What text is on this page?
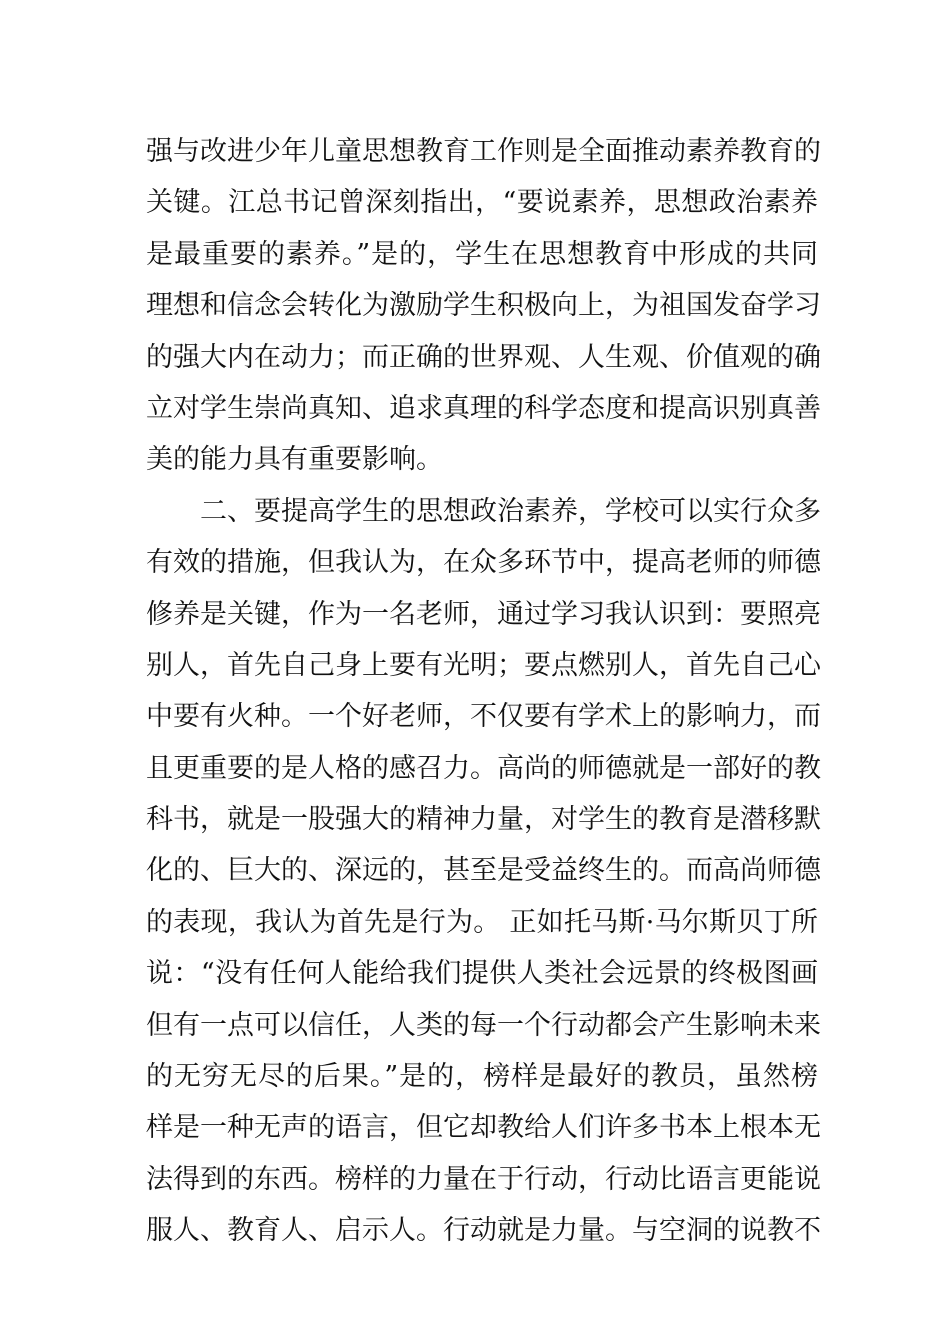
强与改进少年儿童思想教育工作则是全面推动素养教育的
关键。江总书记曾深刻指出，“要说素养，思想政治素养
是最重要的素养。”是的，学生在思想教育中形成的共同
理想和信念会转化为激励学生积极向上，为祖国发奋学习
的强大内在动力；而正确的世界观、人生观、价值观的确
立对学生崇尚真知、追求真理的科学态度和提高识别真善
美的能力具有重要影响。
二、要提高学生的思想政治素养，学校可以实行众多
有效的措施，但我认为，在众多环节中，提高老师的师德
修养是关键，作为一名老师，通过学习我认识到：要照亮
别人，首先自己身上要有光明；要点燃别人，首先自己心
中要有火种。一个好老师，不仅要有学术上的影响力，而
且更重要的是人格的感召力。高尚的师德就是一部好的教
科书，就是一股强大的精神力量，对学生的教育是潜移默
化的、巨大的、深远的，甚至是受益终生的。而高尚师德
的表现，我认为首先是行为。 正如托马斯·马尔斯贝丁所
说：“没有任何人能给我们提供人类社会远景的终极图画
但有一点可以信任，人类的每一个行动都会产生影响未来
的无穷无尽的后果。”是的，榜样是最好的教员，虽然榜
样是一种无声的语言，但它却教给人们许多书本上根本无
法得到的东西。榜样的力量在于行动，行动比语言更能说
服人、教育人、启示人。行动就是力量。与空洞的说教不
